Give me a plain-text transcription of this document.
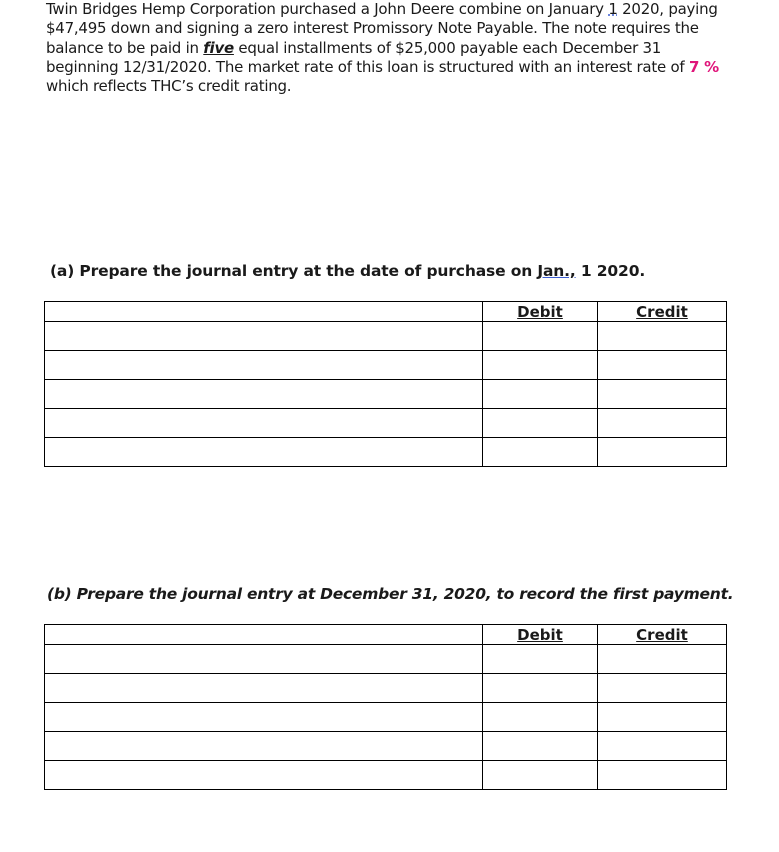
Twin Bridges Hemp Corporation purchased a John Deere combine on January 1 2020, paying $47,495 down and signing a zero interest Promissory Note Payable. The note requires the balance to be paid in five equal installments of $25,000 payable each December 31 beginning 12/31/2020. The market rate of this loan is structured with an interest rate of 7 % which reflects THC’s credit rating.
(a) Prepare the journal entry at the date of purchase on Jan., 1 2020.
	Debit	Credit

(b) Prepare the journal entry at December 31, 2020, to record the first payment.
	Debit	Credit
